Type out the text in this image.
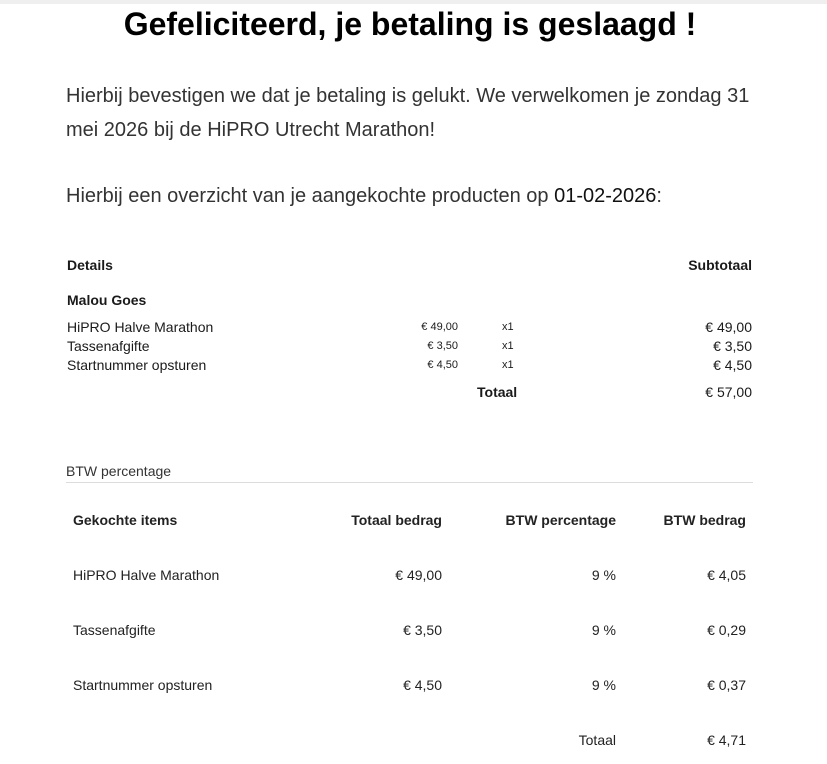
Gefeliciteerd, je betaling is geslaagd !

Hierbij bevestigen we dat je betaling is gelukt. We verwelkomen je zondag 31 mei 2026 bij de HiPRO Utrecht Marathon!

Hierbij een overzicht van je aangekochte producten op 01-02-2026:

Details	Subtotaal
Malou Goes
HiPRO Halve Marathon	€ 49,00	x1	€ 49,00
Tassenafgifte	€ 3,50	x1	€ 3,50
Startnummer opsturen	€ 4,50	x1	€ 4,50
Totaal	€ 57,00
BTW percentage
Gekochte items	Totaal bedrag	BTW percentage	BTW bedrag
HiPRO Halve Marathon	€ 49,00	9 %	€ 4,05
Tassenafgifte	€ 3,50	9 %	€ 0,29
Startnummer opsturen	€ 4,50	9 %	€ 0,37
Totaal	€ 4,71
